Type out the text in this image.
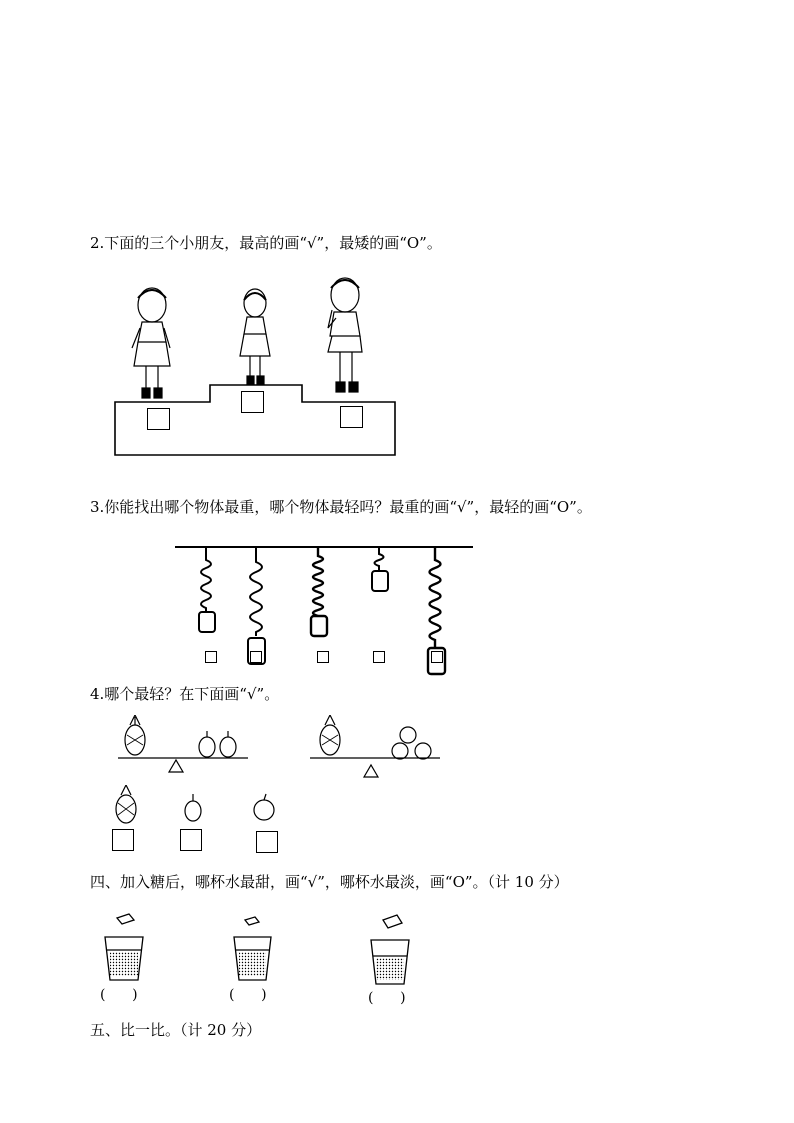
2.下面的三个小朋友，最高的画“√”，最矮的画“O”。
3.你能找出哪个物体最重，哪个物体最轻吗？最重的画“√”，最轻的画“O”。
4.哪个最轻？在下面画“√”。
四、加入糖后，哪杯水最甜，画“√”，哪杯水最淡，画“O”。（计 10 分）
(      )	(      )	(      )
五、比一比。（计 20 分）
